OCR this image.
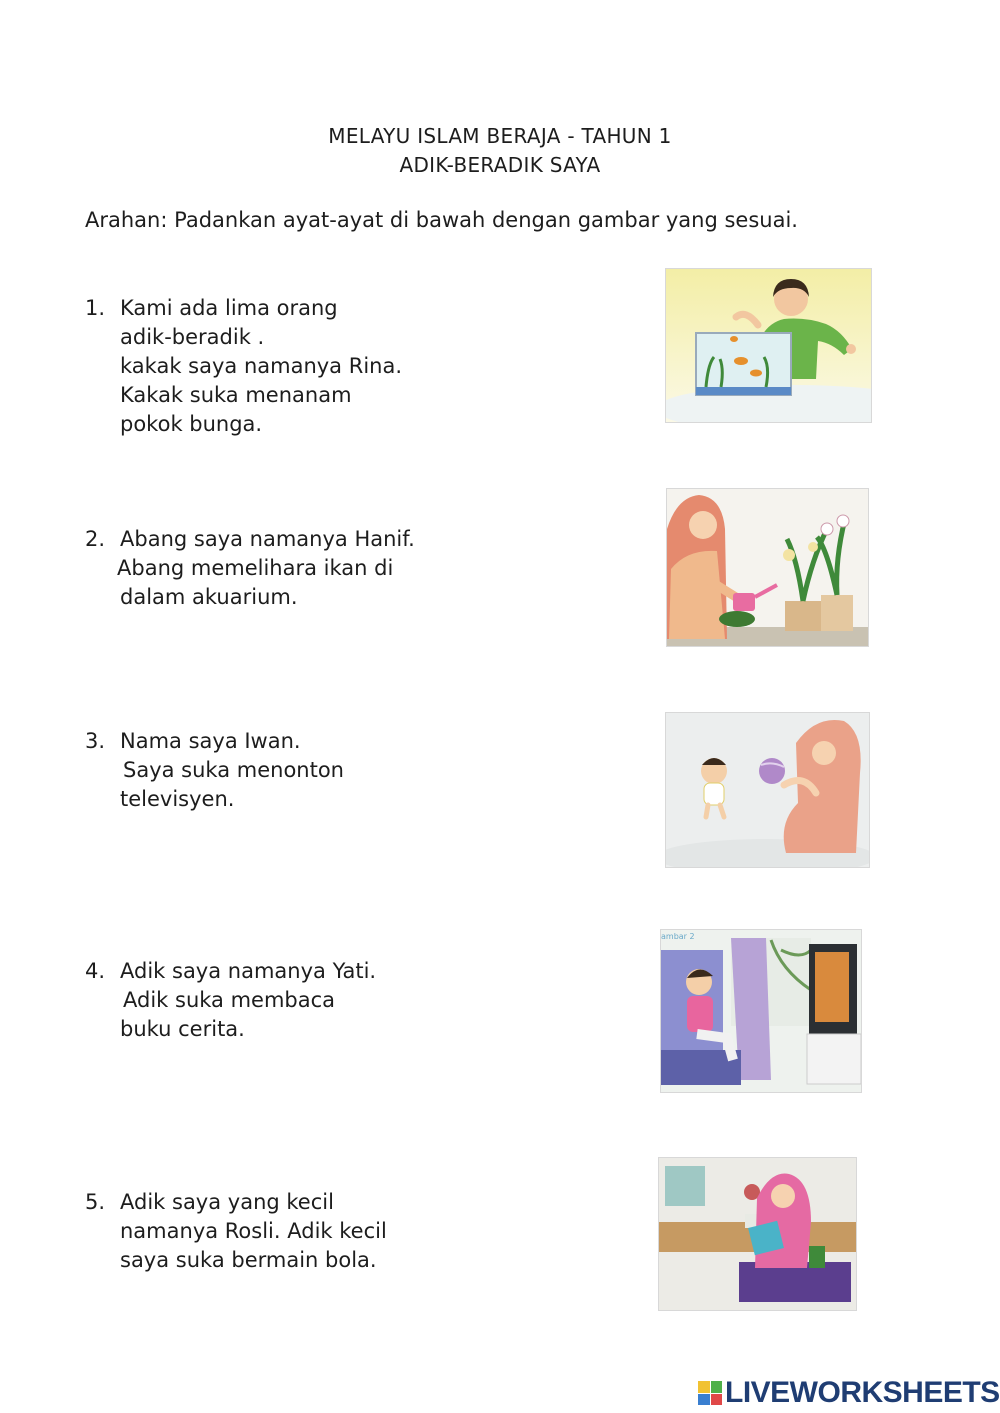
MELAYU ISLAM BERAJA - TAHUN 1
ADIK-BERADIK SAYA
Arahan: Padankan ayat-ayat di bawah dengan gambar yang sesuai.
1. Kami ada lima orang
adik-beradik .
kakak saya namanya Rina.
Kakak suka menanam
pokok bunga.
2. Abang saya namanya Hanif.
Abang memelihara ikan di
dalam akuarium.
3. Nama saya Iwan.
Saya suka menonton
televisyen.
4. Adik saya namanya Yati.
Adik suka membaca
buku cerita.
5. Adik saya yang kecil
namanya Rosli. Adik kecil
saya suka bermain bola.
ambar 2
LIVEWORKSHEETS
